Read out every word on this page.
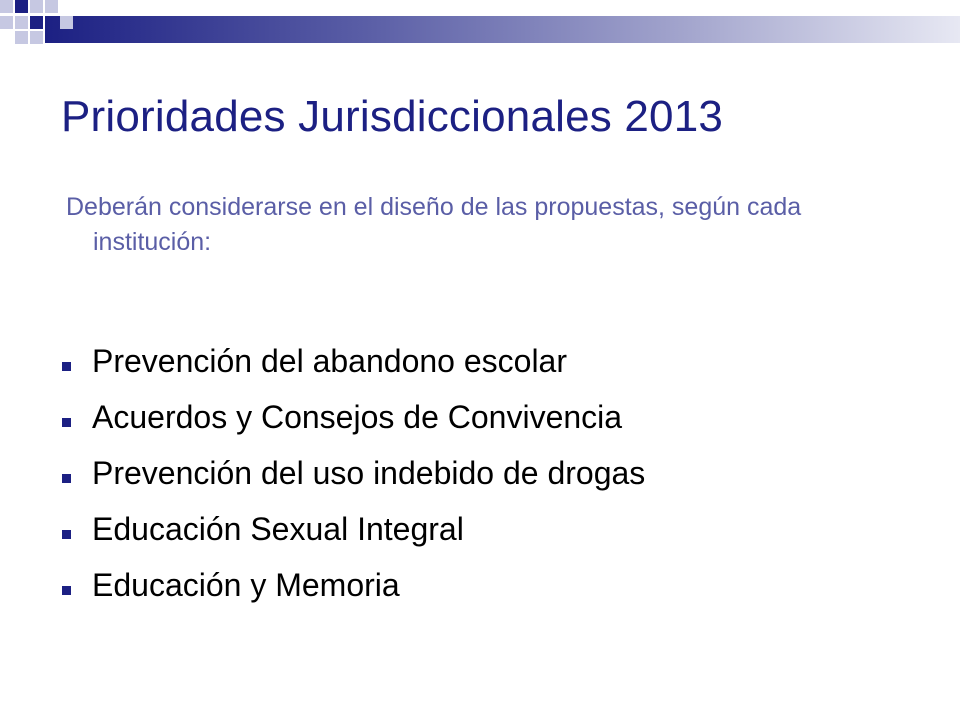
Prioridades Jurisdiccionales 2013
Deberán considerarse en el diseño de las propuestas, según cada institución:
Prevención del abandono escolar
Acuerdos y Consejos de Convivencia
Prevención del uso indebido de drogas
Educación Sexual Integral
Educación y Memoria
